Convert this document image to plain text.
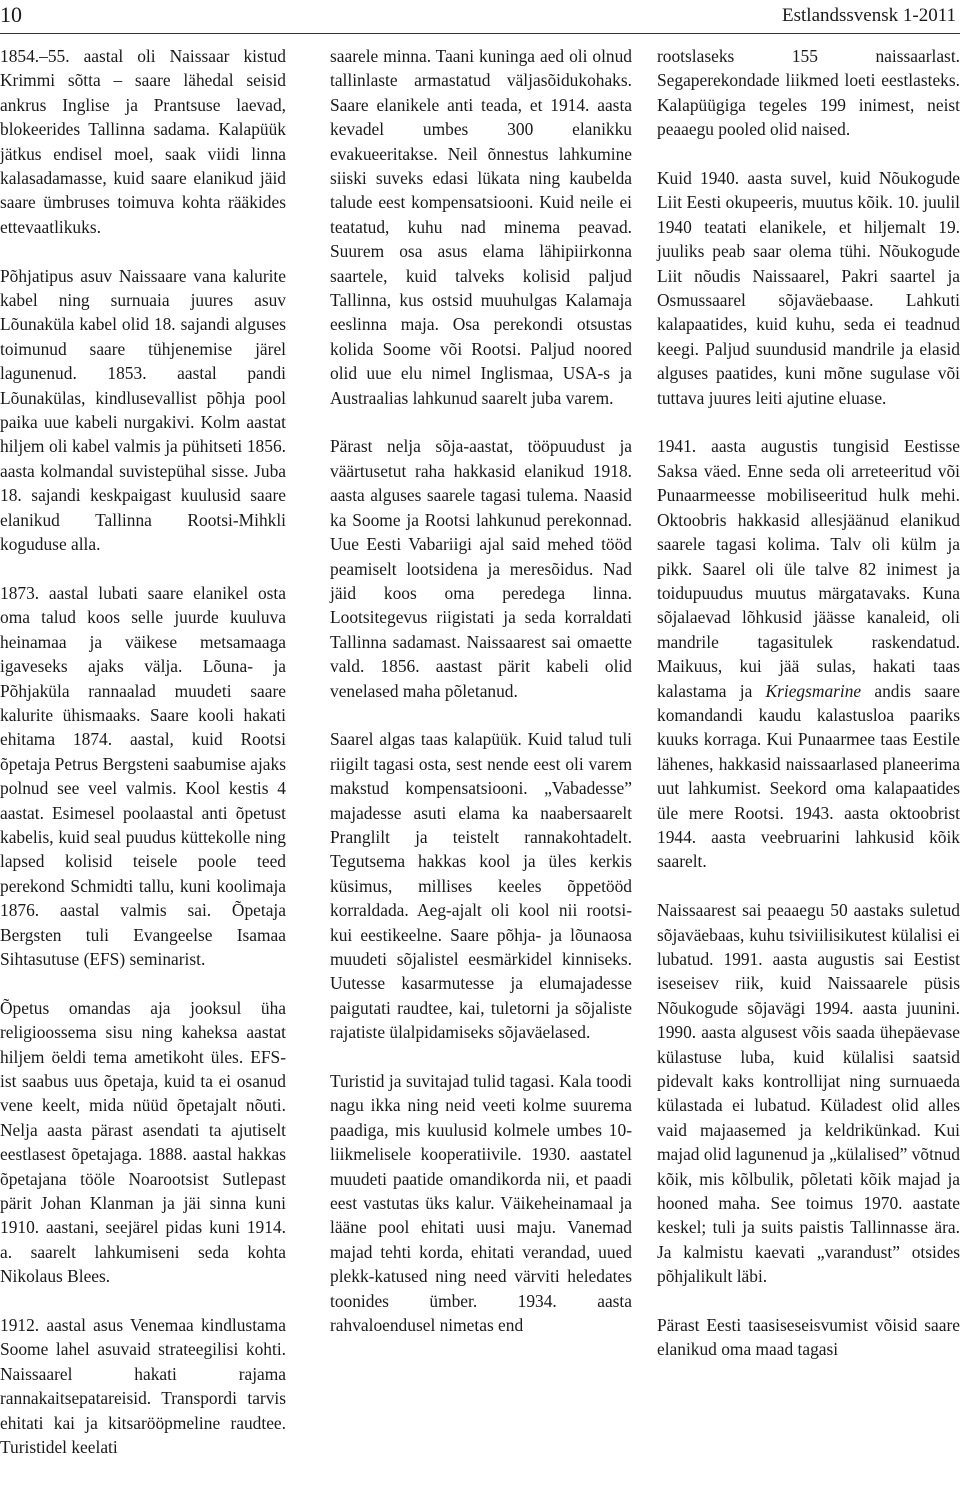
10	Estlandssvensk 1-2011

1854.–55. aastal oli Naissaar kistud Krimmi sõtta – saare lähedal seisid ankrus Inglise ja Prantsuse laevad, blokeerides Tallinna sadama. Kalapüük jätkus endisel moel, saak viidi linna kalasadamasse, kuid saare elanikud jäid saare ümbruses toimuva kohta rääkides ettevaatlikuks.

Põhjatipus asuv Naissaare vana kalurite kabel ning surnuaia juures asuv Lõunaküla kabel olid 18. sajandi alguses toimunud saare tühjenemise järel lagunenud. 1853. aastal pandi Lõunakülas, kindlusevallist põhja pool paika uue kabeli nurgakivi. Kolm aastat hiljem oli kabel valmis ja pühitseti 1856. aasta kolmandal suvistepühal sisse. Juba 18. sajandi keskpaigast kuulusid saare elanikud Tallinna Rootsi-Mihkli koguduse alla.

1873. aastal lubati saare elanikel osta oma talud koos selle juurde kuuluva heinamaa ja väikese metsamaaga igaveseks ajaks välja. Lõuna- ja Põhjaküla rannaalad muudeti saare kalurite ühismaaks. Saare kooli hakati ehitama 1874. aastal, kuid Rootsi õpetaja Petrus Bergsteni saabumise ajaks polnud see veel valmis. Kool kestis 4 aastat. Esimesel poolaastal anti õpetust kabelis, kuid seal puudus küttekolle ning lapsed kolisid teisele poole teed perekond Schmidti tallu, kuni koolimaja 1876. aastal valmis sai. Õpetaja Bergsten tuli Evangeelse Isamaa Sihtasutuse (EFS) seminarist.

Õpetus omandas aja jooksul üha religioossema sisu ning kaheksa aastat hiljem öeldi tema ametikoht üles. EFS-ist saabus uus õpetaja, kuid ta ei osanud vene keelt, mida nüüd õpetajalt nõuti. Nelja aasta pärast asendati ta ajutiselt eestlasest õpetajaga. 1888. aastal hakkas õpetajana tööle Noarootsist Sutlepast pärit Johan Klanman ja jäi sinna kuni 1910. aastani, seejärel pidas kuni 1914. a. saarelt lahkumiseni seda kohta Nikolaus Blees.

1912. aastal asus Venemaa kindlustama Soome lahel asuvaid strateegilisi kohti. Naissaarel hakati rajama rannakaitsepatareisid. Transpordi tarvis ehitati kai ja kitsarööpmeline raudtee. Turistidel keelati

saarele minna. Taani kuninga aed oli olnud tallinlaste armastatud väljasõidukohaks. Saare elanikele anti teada, et 1914. aasta kevadel umbes 300 elanikku evakueeritakse. Neil õnnestus lahkumine siiski suveks edasi lükata ning kaubelda talude eest kompensatsiooni. Kuid neile ei teatatud, kuhu nad minema peavad. Suurem osa asus elama lähipiirkonna saartele, kuid talveks kolisid paljud Tallinna, kus ostsid muuhulgas Kalamaja eeslinna maja. Osa perekondi otsustas kolida Soome või Rootsi. Paljud noored olid uue elu nimel Inglismaa, USA-s ja Austraalias lahkunud saarelt juba varem.

Pärast nelja sõja-aastat, tööpuudust ja väärtusetut raha hakkasid elanikud 1918. aasta alguses saarele tagasi tulema. Naasid ka Soome ja Rootsi lahkunud perekonnad. Uue Eesti Vabariigi ajal said mehed tööd peamiselt lootsidena ja meresõidus. Nad jäid koos oma peredega linna. Lootsitegevus riigistati ja seda korraldati Tallinna sadamast. Naissaarest sai omaette vald. 1856. aastast pärit kabeli olid venelased maha põletanud.

Saarel algas taas kalapüük. Kuid talud tuli riigilt tagasi osta, sest nende eest oli varem makstud kompensatsiooni. „Vabadesse” majadesse asuti elama ka naabersaarelt Pranglilt ja teistelt rannakohtadelt. Tegutsema hakkas kool ja üles kerkis küsimus, millises keeles õppetööd korraldada. Aeg-ajalt oli kool nii rootsi- kui eestikeelne. Saare põhja- ja lõunaosa muudeti sõjalistel eesmärkidel kinniseks. Uutesse kasarmutesse ja elumajadesse paigutati raudtee, kai, tuletorni ja sõjaliste rajatiste ülalpidamiseks sõjaväelased.

Turistid ja suvitajad tulid tagasi. Kala toodi nagu ikka ning neid veeti kolme suurema paadiga, mis kuulusid kolmele umbes 10-liikmelisele kooperatiivile. 1930. aastatel muudeti paatide omandikorda nii, et paadi eest vastutas üks kalur. Väikeheinamaal ja lääne pool ehitati uusi maju. Vanemad majad tehti korda, ehitati verandad, uued plekk-katused ning need värviti heledates toonides ümber. 1934. aasta rahvaloendusel nimetas end

rootslaseks 155 naissaarlast. Segaperekondade liikmed loeti eestlasteks. Kalapüügiga tegeles 199 inimest, neist peaaegu pooled olid naised.

Kuid 1940. aasta suvel, kuid Nõukogude Liit Eesti okupeeris, muutus kõik. 10. juulil 1940 teatati elanikele, et hiljemalt 19. juuliks peab saar olema tühi. Nõukogude Liit nõudis Naissaarel, Pakri saartel ja Osmussaarel sõjaväebaase. Lahkuti kalapaatides, kuid kuhu, seda ei teadnud keegi. Paljud suundusid mandrile ja elasid alguses paatides, kuni mõne sugulase või tuttava juures leiti ajutine eluase.

1941. aasta augustis tungisid Eestisse Saksa väed. Enne seda oli arreteeritud või Punaarmeesse mobiliseeritud hulk mehi. Oktoobris hakkasid allesjäänud elanikud saarele tagasi kolima. Talv oli külm ja pikk. Saarel oli üle talve 82 inimest ja toidupuudus muutus märgatavaks. Kuna sõjalaevad lõhkusid jäässe kanaleid, oli mandrile tagasitulek raskendatud. Maikuus, kui jää sulas, hakati taas kalastama ja Kriegsmarine andis saare komandandi kaudu kalastusloa paariks kuuks korraga. Kui Punaarmee taas Eestile lähenes, hakkasid naissaarlased planeerima uut lahkumist. Seekord oma kalapaatides üle mere Rootsi. 1943. aasta oktoobrist 1944. aasta veebruarini lahkusid kõik saarelt.

Naissaarest sai peaaegu 50 aastaks suletud sõjaväebaas, kuhu tsiviilisikutest külalisi ei lubatud. 1991. aasta augustis sai Eestist iseseisev riik, kuid Naissaarele püsis Nõukogude sõjavägi 1994. aasta juunini. 1990. aasta algusest võis saada ühepäevase külastuse luba, kuid külalisi saatsid pidevalt kaks kontrollijat ning surnuaeda külastada ei lubatud. Küladest olid alles vaid majaasemed ja keldrikünkad. Kui majad olid lagunenud ja „külalised” võtnud kõik, mis kõlbulik, põletati kõik majad ja hooned maha. See toimus 1970. aastate keskel; tuli ja suits paistis Tallinnasse ära. Ja kalmistu kaevati „varandust” otsides põhjalikult läbi.

Pärast Eesti taasiseseisvumist võisid saare elanikud oma maad tagasi
